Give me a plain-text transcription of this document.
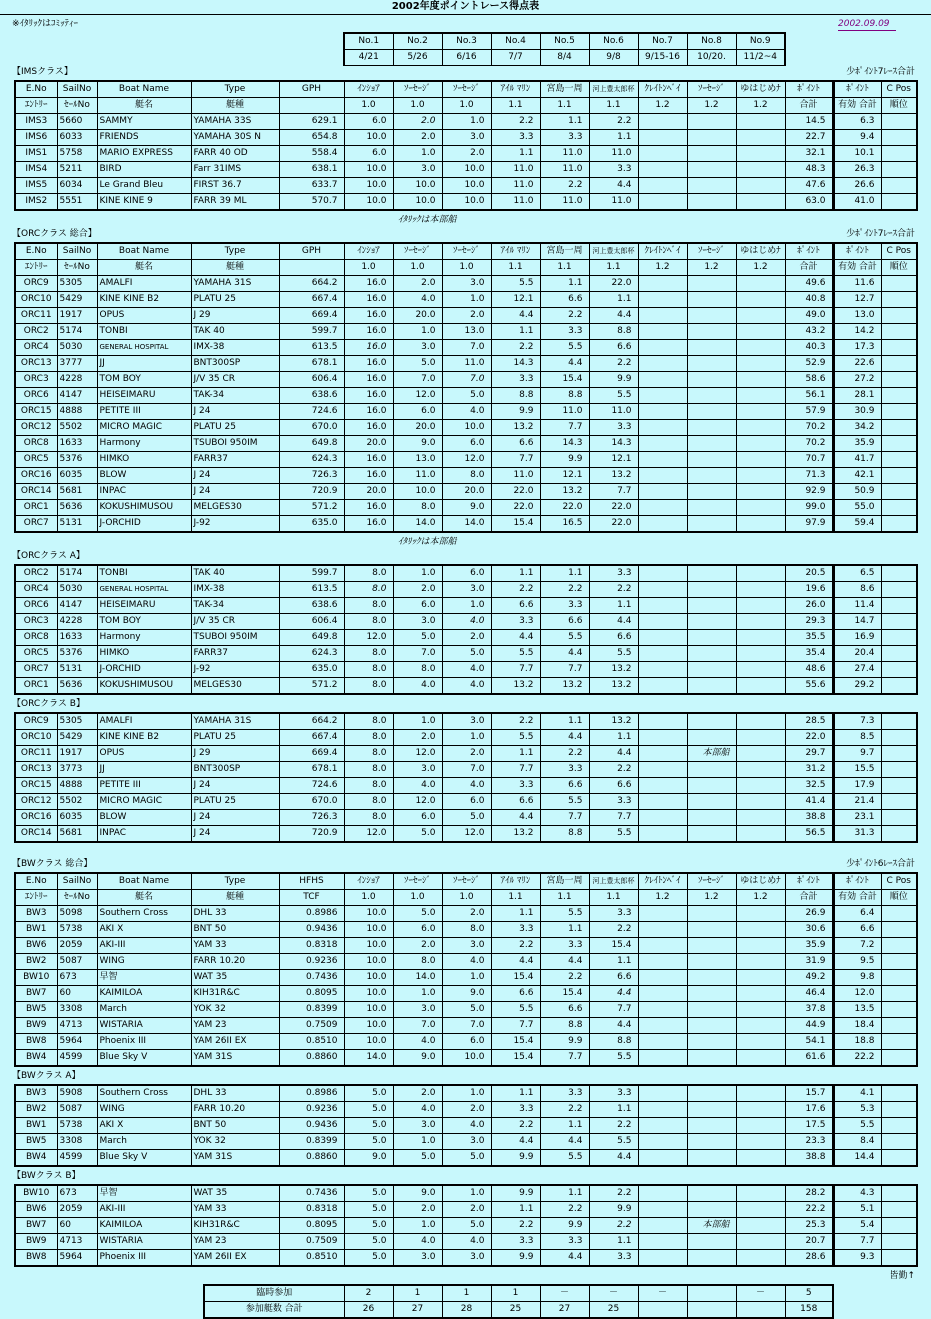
2002年度ポイントレース得点表
※ｲﾀﾘｯｸはｺﾐｯﾃｨｰ	2002.09.09
No.1	No.2	No.3	No.4	No.5	No.6	No.7	No.8	No.9
4/21	5/26	6/16	7/7	8/4	9/8	9/15-16	10/20.	11/2~4
【IMSクラス】	少ﾎﾟｲﾝﾄ7ﾚｰｽ合計
E.No	SailNo	Boat Name	Type	GPH	ｲﾝｼｮｱ	ｿｰｾｰｼﾞ	ｿｰｾｰｼﾞ	ｱｲﾙ ﾏﾘﾝ	宮島一周	河上豊太郎杯	ｸﾚｲﾄﾝﾍﾞｲ	ｿｰｾｰｼﾞ	ゆはじめﾅ	ﾎﾟｲﾝﾄ	ﾎﾟｲﾝﾄ	C Pos
ｴﾝﾄﾘｰ	ｾｰﾙNo	艇名	艇種		1.0	1.0	1.0	1.1	1.1	1.1	1.2	1.2	1.2	合計	有効 合計	順位
IMS3	5660	SAMMY	YAMAHA 33S	629.1	6.0	2.0	1.0	2.2	1.1	2.2				14.5	6.3	
IMS6	6033	FRIENDS	YAMAHA 30S N	654.8	10.0	2.0	3.0	3.3	3.3	1.1				22.7	9.4	
IMS1	5758	MARIO EXPRESS	FARR 40 OD	558.4	6.0	1.0	2.0	1.1	11.0	11.0				32.1	10.1	
IMS4	5211	BIRD	Farr 31IMS	638.1	10.0	3.0	10.0	11.0	11.0	3.3				48.3	26.3	
IMS5	6034	Le Grand Bleu	FIRST 36.7	633.7	10.0	10.0	10.0	11.0	2.2	4.4				47.6	26.6	
IMS2	5551	KINE KINE 9	FARR 39 ML	570.7	10.0	10.0	10.0	11.0	11.0	11.0				63.0	41.0	
ｲﾀﾘｯｸは本部船
【ORCクラス 総合】	少ﾎﾟｲﾝﾄ7ﾚｰｽ合計
E.No	SailNo	Boat Name	Type	GPH	ｲﾝｼｮｱ	ｿｰｾｰｼﾞ	ｿｰｾｰｼﾞ	ｱｲﾙ ﾏﾘﾝ	宮島一周	河上豊太郎杯	ｸﾚｲﾄﾝﾍﾞｲ	ｿｰｾｰｼﾞ	ゆはじめﾅ	ﾎﾟｲﾝﾄ	ﾎﾟｲﾝﾄ	C Pos
ｴﾝﾄﾘｰ	ｾｰﾙNo	艇名	艇種		1.0	1.0	1.0	1.1	1.1	1.1	1.2	1.2	1.2	合計	有効 合計	順位
ORC9	5305	AMALFI	YAMAHA 31S	664.2	16.0	2.0	3.0	5.5	1.1	22.0				49.6	11.6	
ORC10	5429	KINE KINE B2	PLATU 25	667.4	16.0	4.0	1.0	12.1	6.6	1.1				40.8	12.7	
ORC11	1917	OPUS	J 29	669.4	16.0	20.0	2.0	4.4	2.2	4.4				49.0	13.0	
ORC2	5174	TONBI	TAK 40	599.7	16.0	1.0	13.0	1.1	3.3	8.8				43.2	14.2	
ORC4	5030	GENERAL HOSPITAL	IMX-38	613.5	16.0	3.0	7.0	2.2	5.5	6.6				40.3	17.3	
ORC13	3777	JJ	BNT300SP	678.1	16.0	5.0	11.0	14.3	4.4	2.2				52.9	22.6	
ORC3	4228	TOM BOY	J/V 35 CR	606.4	16.0	7.0	7.0	3.3	15.4	9.9				58.6	27.2	
ORC6	4147	HEISEIMARU	TAK-34	638.6	16.0	12.0	5.0	8.8	8.8	5.5				56.1	28.1	
ORC15	4888	PETITE III	J 24	724.6	16.0	6.0	4.0	9.9	11.0	11.0				57.9	30.9	
ORC12	5502	MICRO MAGIC	PLATU 25	670.0	16.0	20.0	10.0	13.2	7.7	3.3				70.2	34.2	
ORC8	1633	Harmony	TSUBOI 950IM	649.8	20.0	9.0	6.0	6.6	14.3	14.3				70.2	35.9	
ORC5	5376	HIMKO	FARR37	624.3	16.0	13.0	12.0	7.7	9.9	12.1				70.7	41.7	
ORC16	6035	BLOW	J 24	726.3	16.0	11.0	8.0	11.0	12.1	13.2				71.3	42.1	
ORC14	5681	INPAC	J 24	720.9	20.0	10.0	20.0	22.0	13.2	7.7				92.9	50.9	
ORC1	5636	KOKUSHIMUSOU	MELGES30	571.2	16.0	8.0	9.0	22.0	22.0	22.0				99.0	55.0	
ORC7	5131	J-ORCHID	J-92	635.0	16.0	14.0	14.0	15.4	16.5	22.0				97.9	59.4	
ｲﾀﾘｯｸは本部船
【ORCクラス A】
ORC2	5174	TONBI	TAK 40	599.7	8.0	1.0	6.0	1.1	1.1	3.3				20.5	6.5	
ORC4	5030	GENERAL HOSPITAL	IMX-38	613.5	8.0	2.0	3.0	2.2	2.2	2.2				19.6	8.6	
ORC6	4147	HEISEIMARU	TAK-34	638.6	8.0	6.0	1.0	6.6	3.3	1.1				26.0	11.4	
ORC3	4228	TOM BOY	J/V 35 CR	606.4	8.0	3.0	4.0	3.3	6.6	4.4				29.3	14.7	
ORC8	1633	Harmony	TSUBOI 950IM	649.8	12.0	5.0	2.0	4.4	5.5	6.6				35.5	16.9	
ORC5	5376	HIMKO	FARR37	624.3	8.0	7.0	5.0	5.5	4.4	5.5				35.4	20.4	
ORC7	5131	J-ORCHID	J-92	635.0	8.0	8.0	4.0	7.7	7.7	13.2				48.6	27.4	
ORC1	5636	KOKUSHIMUSOU	MELGES30	571.2	8.0	4.0	4.0	13.2	13.2	13.2				55.6	29.2	
【ORCクラス B】
ORC9	5305	AMALFI	YAMAHA 31S	664.2	8.0	1.0	3.0	2.2	1.1	13.2				28.5	7.3	
ORC10	5429	KINE KINE B2	PLATU 25	667.4	8.0	2.0	1.0	5.5	4.4	1.1				22.0	8.5	
ORC11	1917	OPUS	J 29	669.4	8.0	12.0	2.0	1.1	2.2	4.4		本部船		29.7	9.7	
ORC13	3773	JJ	BNT300SP	678.1	8.0	3.0	7.0	7.7	3.3	2.2				31.2	15.5	
ORC15	4888	PETITE III	J 24	724.6	8.0	4.0	4.0	3.3	6.6	6.6				32.5	17.9	
ORC12	5502	MICRO MAGIC	PLATU 25	670.0	8.0	12.0	6.0	6.6	5.5	3.3				41.4	21.4	
ORC16	6035	BLOW	J 24	726.3	8.0	6.0	5.0	4.4	7.7	7.7				38.8	23.1	
ORC14	5681	INPAC	J 24	720.9	12.0	5.0	12.0	13.2	8.8	5.5				56.5	31.3	
【BWクラス 総合】	少ﾎﾟｲﾝﾄ6ﾚｰｽ合計
E.No	SailNo	Boat Name	Type	HFHS	ｲﾝｼｮｱ	ｿｰｾｰｼﾞ	ｿｰｾｰｼﾞ	ｱｲﾙ ﾏﾘﾝ	宮島一周	河上豊太郎杯	ｸﾚｲﾄﾝﾍﾞｲ	ｿｰｾｰｼﾞ	ゆはじめﾅ	ﾎﾟｲﾝﾄ	ﾎﾟｲﾝﾄ	C Pos
ｴﾝﾄﾘｰ	ｾｰﾙNo	艇名	艇種	TCF	1.0	1.0	1.0	1.1	1.1	1.1	1.2	1.2	1.2	合計	有効 合計	順位
BW3	5098	Southern Cross	DHL 33	0.8986	10.0	5.0	2.0	1.1	5.5	3.3				26.9	6.4	
BW1	5738	AKI X	BNT 50	0.9436	10.0	6.0	8.0	3.3	1.1	2.2				30.6	6.6	
BW6	2059	AKI-III	YAM 33	0.8318	10.0	2.0	3.0	2.2	3.3	15.4				35.9	7.2	
BW2	5087	WING	FARR 10.20	0.9236	10.0	8.0	4.0	4.4	4.4	1.1				31.9	9.5	
BW10	673	早智	WAT 35	0.7436	10.0	14.0	1.0	15.4	2.2	6.6				49.2	9.8	
BW7	60	KAIMILOA	KIH31R&C	0.8095	10.0	1.0	9.0	6.6	15.4	4.4				46.4	12.0	
BW5	3308	March	YOK 32	0.8399	10.0	3.0	5.0	5.5	6.6	7.7				37.8	13.5	
BW9	4713	WISTARIA	YAM 23	0.7509	10.0	7.0	7.0	7.7	8.8	4.4				44.9	18.4	
BW8	5964	Phoenix III	YAM 26II EX	0.8510	10.0	4.0	6.0	15.4	9.9	8.8				54.1	18.8	
BW4	4599	Blue Sky V	YAM 31S	0.8860	14.0	9.0	10.0	15.4	7.7	5.5				61.6	22.2	
【BWクラス A】
BW3	5908	Southern Cross	DHL 33	0.8986	5.0	2.0	1.0	1.1	3.3	3.3				15.7	4.1	
BW2	5087	WING	FARR 10.20	0.9236	5.0	4.0	2.0	3.3	2.2	1.1				17.6	5.3	
BW1	5738	AKI X	BNT 50	0.9436	5.0	3.0	4.0	2.2	1.1	2.2				17.5	5.5	
BW5	3308	March	YOK 32	0.8399	5.0	1.0	3.0	4.4	4.4	5.5				23.3	8.4	
BW4	4599	Blue Sky V	YAM 31S	0.8860	9.0	5.0	5.0	9.9	5.5	4.4				38.8	14.4	
【BWクラス B】
BW10	673	早智	WAT 35	0.7436	5.0	9.0	1.0	9.9	1.1	2.2				28.2	4.3	
BW6	2059	AKI-III	YAM 33	0.8318	5.0	2.0	2.0	1.1	2.2	9.9				22.2	5.1	
BW7	60	KAIMILOA	KIH31R&C	0.8095	5.0	1.0	5.0	2.2	9.9	2.2		本部船		25.3	5.4	
BW9	4713	WISTARIA	YAM 23	0.7509	5.0	4.0	4.0	3.3	3.3	1.1				20.7	7.7	
BW8	5964	Phoenix III	YAM 26II EX	0.8510	5.0	3.0	3.0	9.9	4.4	3.3				28.6	9.3	
皆勤↑
臨時参加	2	1	1	1	－	－	－		－	5
参加艇数 合計	26	27	28	25	27	25				158
